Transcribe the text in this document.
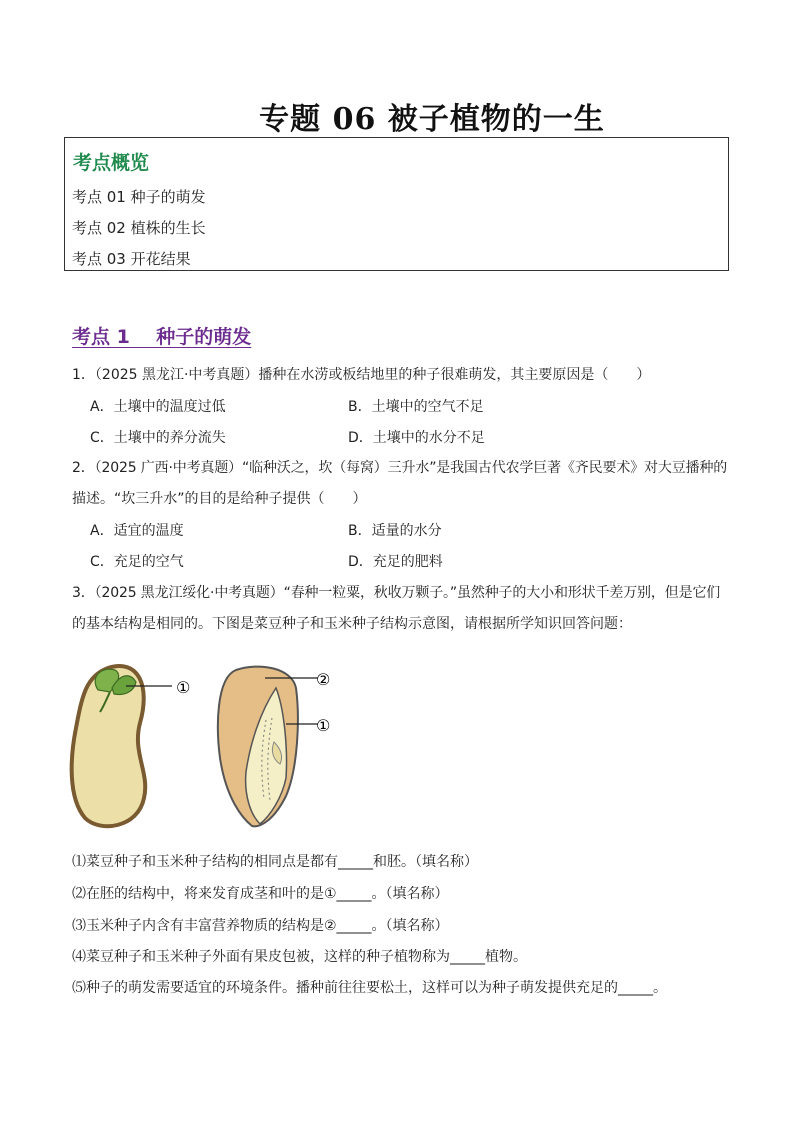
专题 06 被子植物的一生
考点概览
考点 01 种子的萌发
考点 02 植株的生长
考点 03 开花结果
考点 1    种子的萌发
1．（2025 黑龙江·中考真题）播种在水涝或板结地里的种子很难萌发，其主要原因是（　　）
A．土壤中的温度过低	B．土壤中的空气不足
C．土壤中的养分流失	D．土壤中的水分不足
2．（2025 广西·中考真题）“临种沃之，坎（每窝）三升水”是我国古代农学巨著《齐民要术》对大豆播种的
描述。“坎三升水”的目的是给种子提供（　　）
A．适宜的温度	B．适量的水分
C．充足的空气	D．充足的肥料
3．（2025 黑龙江绥化·中考真题）“春种一粒粟，秋收万颗子。”虽然种子的大小和形状千差万别，但是它们
的基本结构是相同的。下图是菜豆种子和玉米种子结构示意图，请根据所学知识回答问题：
①	②
①
⑴菜豆种子和玉米种子结构的相同点是都有_____和胚。（填名称）
⑵在胚的结构中，将来发育成茎和叶的是①_____。（填名称）
⑶玉米种子内含有丰富营养物质的结构是②_____。（填名称）
⑷菜豆种子和玉米种子外面有果皮包被，这样的种子植物称为_____植物。
⑸种子的萌发需要适宜的环境条件。播种前往往要松土，这样可以为种子萌发提供充足的_____。
